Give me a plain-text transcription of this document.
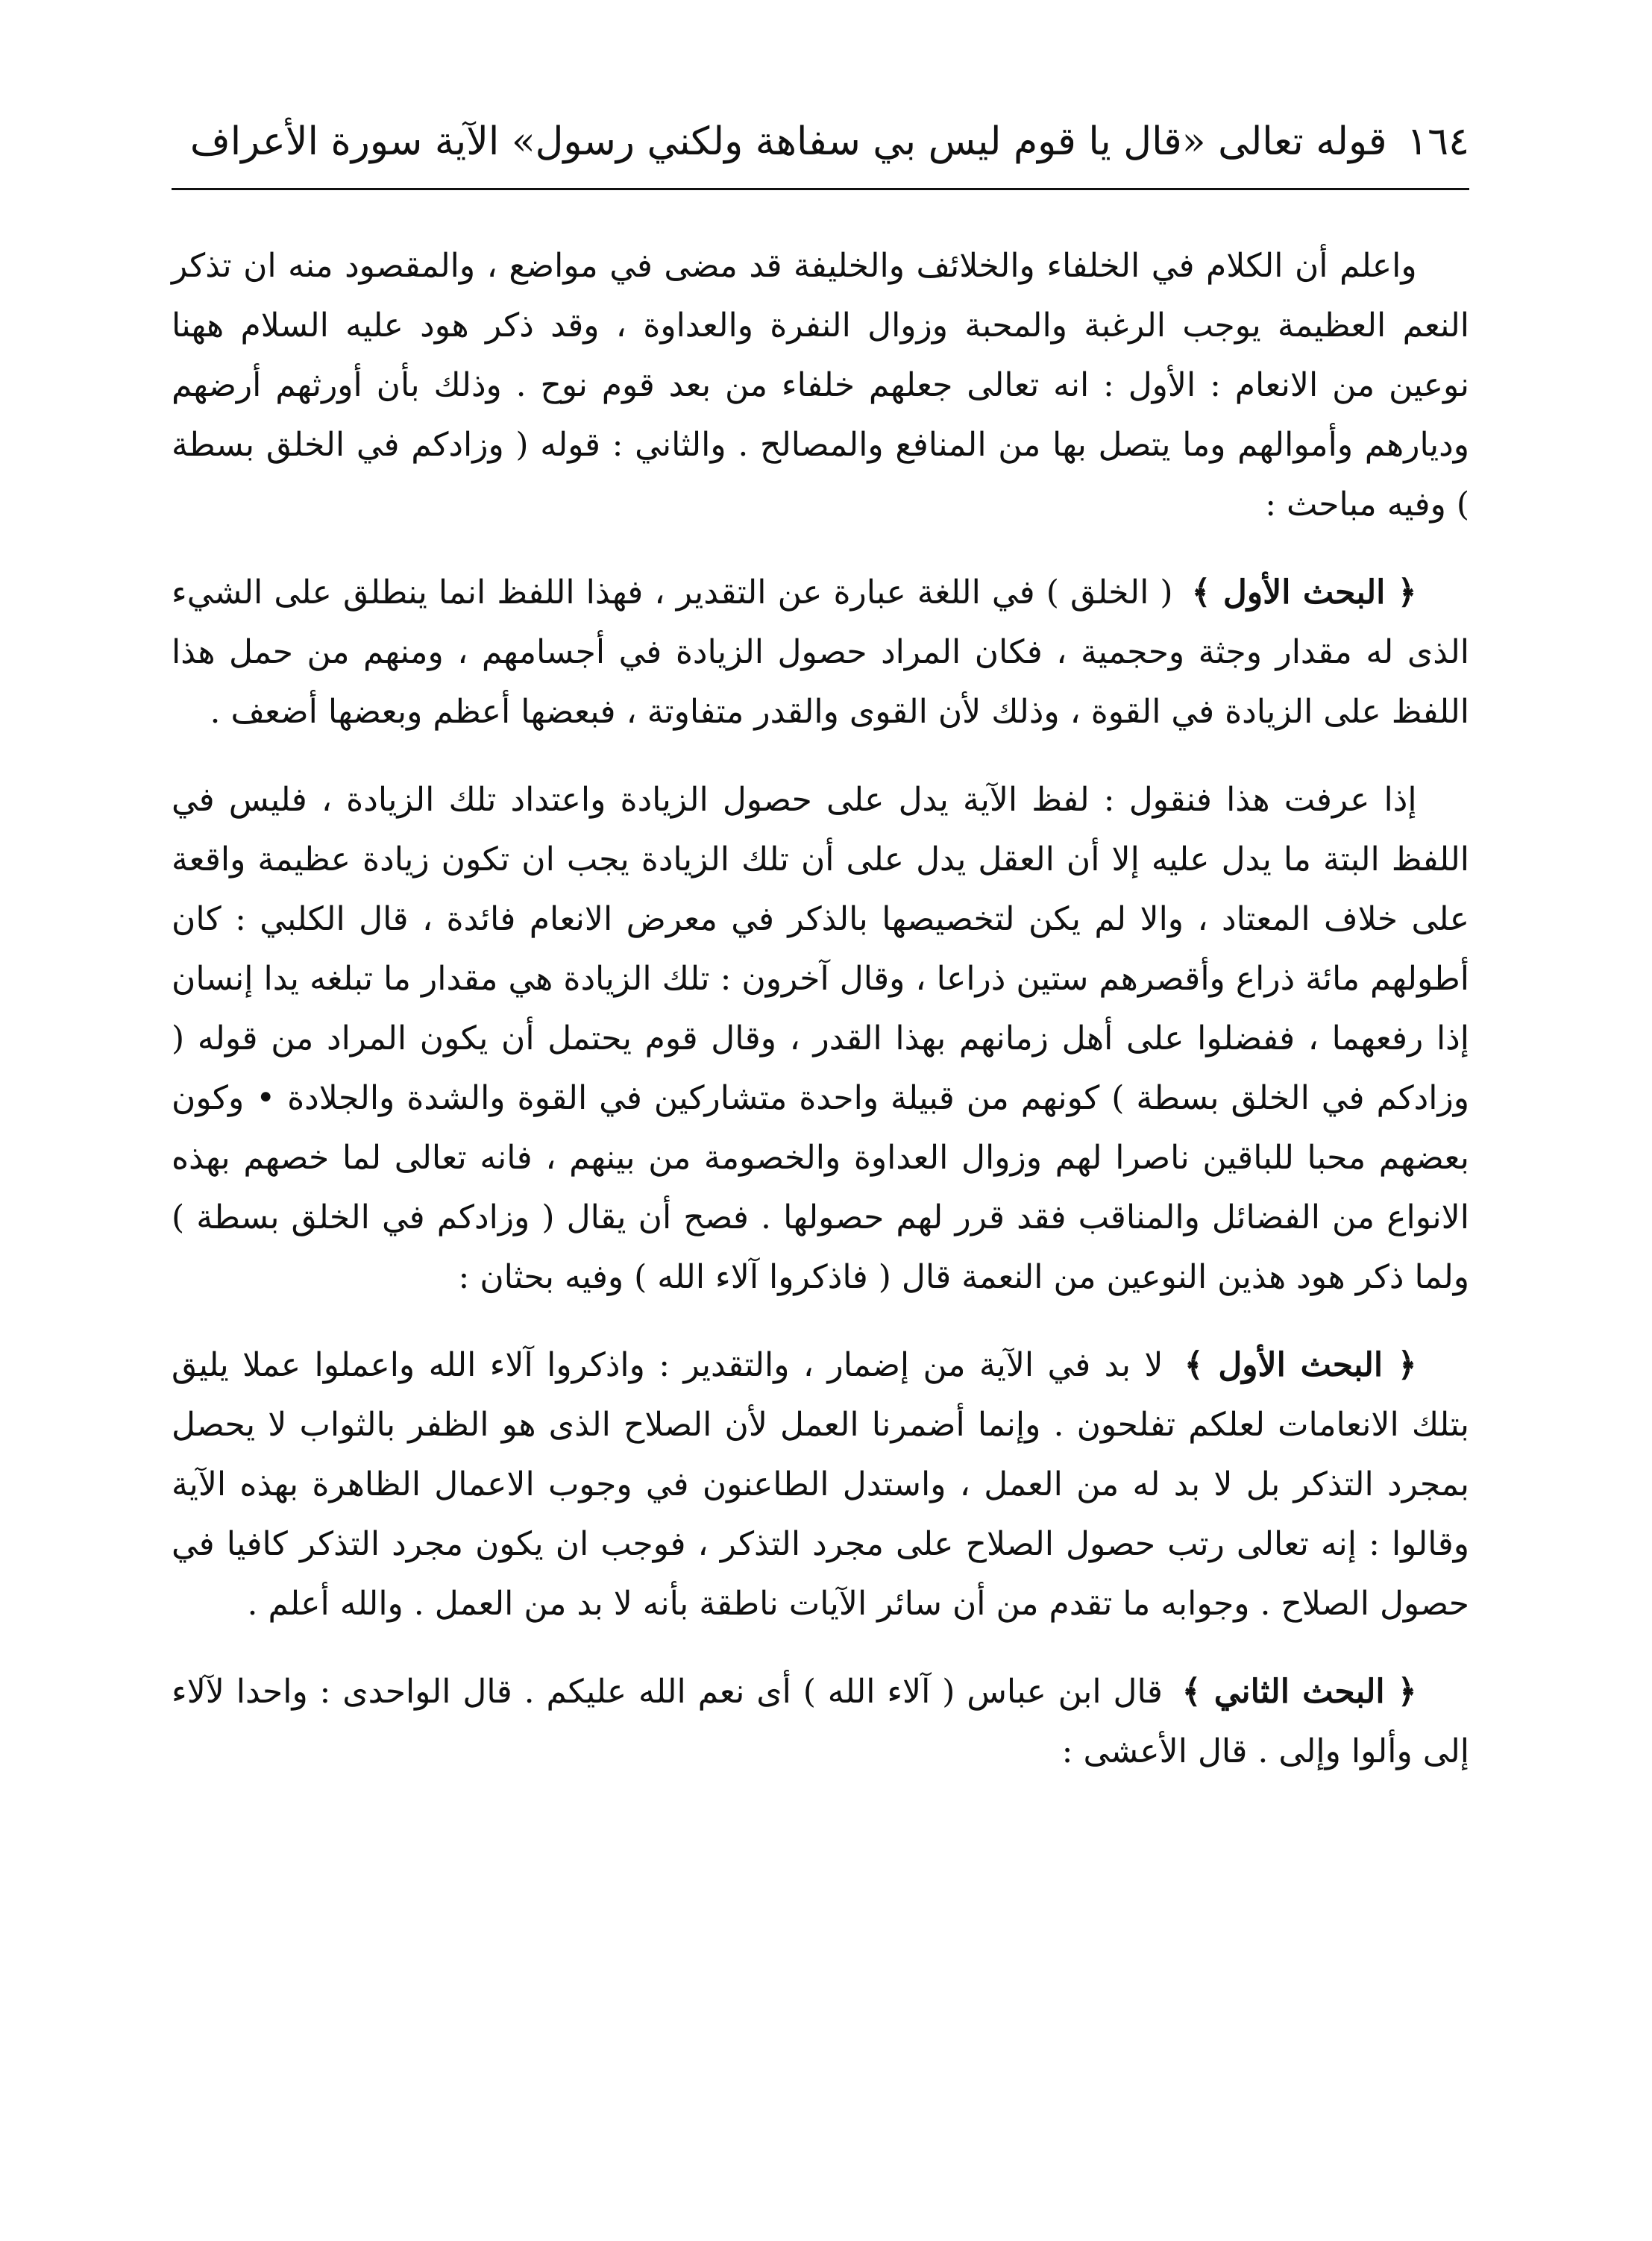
١٦٤ قوله تعالى «قال يا قوم ليس بي سفاهة ولكني رسول» الآية سورة الأعراف

واعلم أن الكلام في الخلفاء والخلائف والخليفة قد مضى في مواضع ، والمقصود منه ان تذكر النعم العظيمة يوجب الرغبة والمحبة وزوال النفرة والعداوة ، وقد ذكر هود عليه السلام ههنا نوعين من الانعام : الأول : انه تعالى جعلهم خلفاء من بعد قوم نوح . وذلك بأن أورثهم أرضهم وديارهم وأموالهم وما يتصل بها من المنافع والمصالح . والثاني : قوله ( وزادكم في الخلق بسطة ) وفيه مباحث :

﴿ البحث الأول ﴾ ( الخلق ) في اللغة عبارة عن التقدير ، فهذا اللفظ انما ينطلق على الشيء الذى له مقدار وجثة وحجمية ، فكان المراد حصول الزيادة في أجسامهم ، ومنهم من حمل هذا اللفظ على الزيادة في القوة ، وذلك لأن القوى والقدر متفاوتة ، فبعضها أعظم وبعضها أضعف .

إذا عرفت هذا فنقول : لفظ الآية يدل على حصول الزيادة واعتداد تلك الزيادة ، فليس في اللفظ البتة ما يدل عليه إلا أن العقل يدل على أن تلك الزيادة يجب ان تكون زيادة عظيمة واقعة على خلاف المعتاد ، والا لم يكن لتخصيصها بالذكر في معرض الانعام فائدة ، قال الكلبي : كان أطولهم مائة ذراع وأقصرهم ستين ذراعا ، وقال آخرون : تلك الزيادة هي مقدار ما تبلغه يدا إنسان إذا رفعهما ، ففضلوا على أهل زمانهم بهذا القدر ، وقال قوم يحتمل أن يكون المراد من قوله ( وزادكم في الخلق بسطة ) كونهم من قبيلة واحدة متشاركين في القوة والشدة والجلادة • وكون بعضهم محبا للباقين ناصرا لهم وزوال العداوة والخصومة من بينهم ، فانه تعالى لما خصهم بهذه الانواع من الفضائل والمناقب فقد قرر لهم حصولها . فصح أن يقال ( وزادكم في الخلق بسطة ) ولما ذكر هود هذين النوعين من النعمة قال ( فاذكروا آلاء الله ) وفيه بحثان :

﴿ البحث الأول ﴾ لا بد في الآية من إضمار ، والتقدير : واذكروا آلاء الله واعملوا عملا يليق بتلك الانعامات لعلكم تفلحون . وإنما أضمرنا العمل لأن الصلاح الذى هو الظفر بالثواب لا يحصل بمجرد التذكر بل لا بد له من العمل ، واستدل الطاعنون في وجوب الاعمال الظاهرة بهذه الآية وقالوا : إنه تعالى رتب حصول الصلاح على مجرد التذكر ، فوجب ان يكون مجرد التذكر كافيا في حصول الصلاح . وجوابه ما تقدم من أن سائر الآيات ناطقة بأنه لا بد من العمل . والله أعلم .

﴿ البحث الثاني ﴾ قال ابن عباس ( آلاء الله ) أى نعم الله عليكم . قال الواحدى : واحدا لآلاء إلى وألوا وإلى . قال الأعشى :
